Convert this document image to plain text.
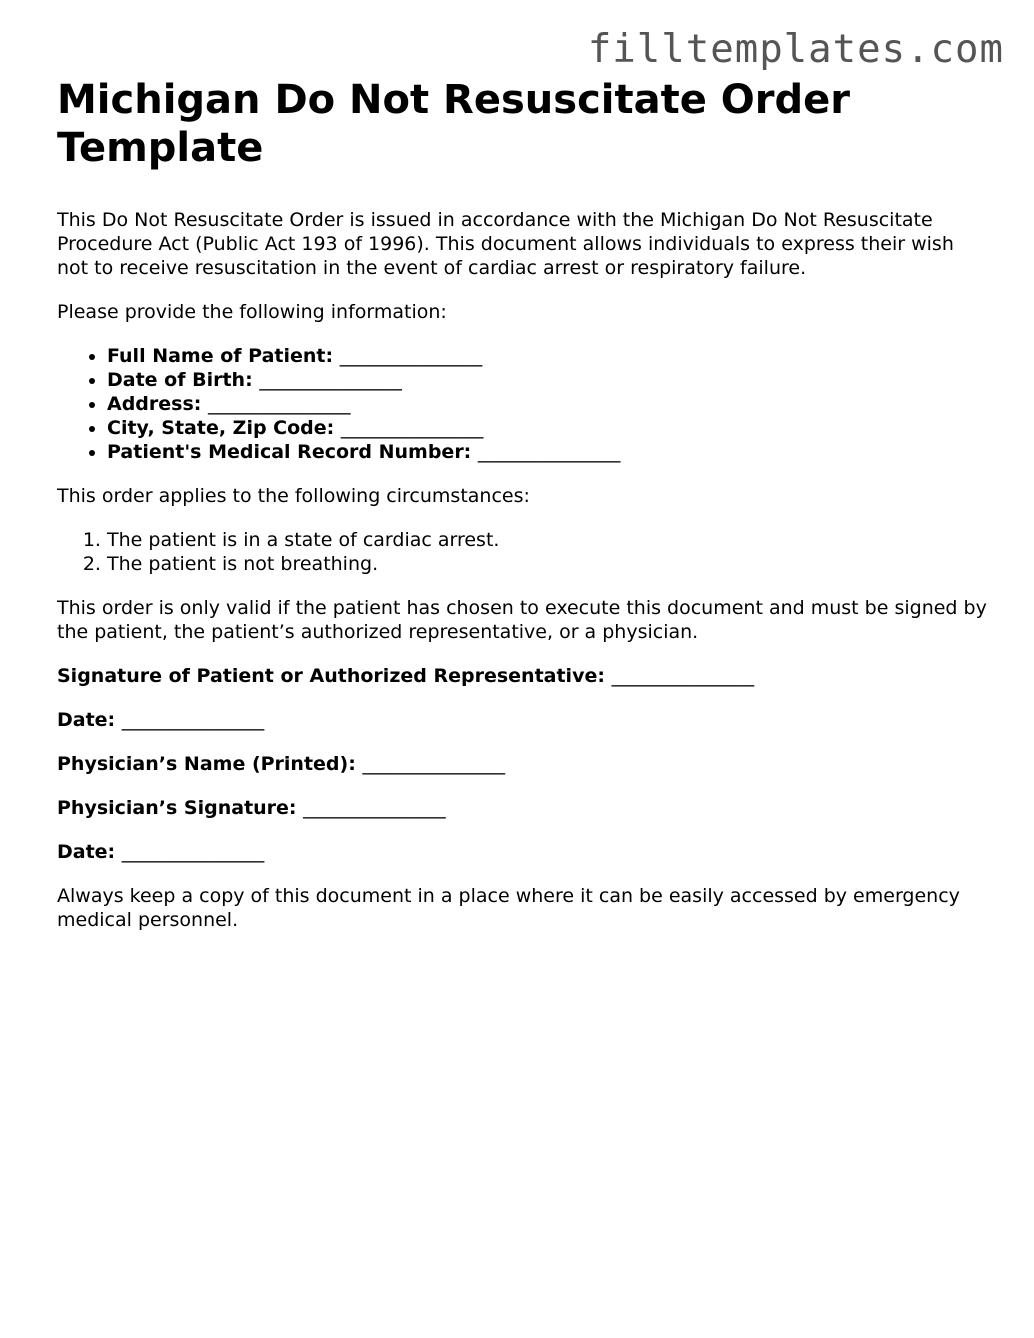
filltemplates.com
Michigan Do Not Resuscitate Order Template

This Do Not Resuscitate Order is issued in accordance with the Michigan Do Not Resuscitate Procedure Act (Public Act 193 of 1996). This document allows individuals to express their wish not to receive resuscitation in the event of cardiac arrest or respiratory failure.

Please provide the following information:

• Full Name of Patient: _______________
• Date of Birth: _______________
• Address: _______________
• City, State, Zip Code: _______________
• Patient's Medical Record Number: _______________

This order applies to the following circumstances:

1. The patient is in a state of cardiac arrest.
2. The patient is not breathing.

This order is only valid if the patient has chosen to execute this document and must be signed by the patient, the patient’s authorized representative, or a physician.

Signature of Patient or Authorized Representative: _______________
Date: _______________
Physician’s Name (Printed): _______________
Physician’s Signature: _______________
Date: _______________

Always keep a copy of this document in a place where it can be easily accessed by emergency medical personnel.
